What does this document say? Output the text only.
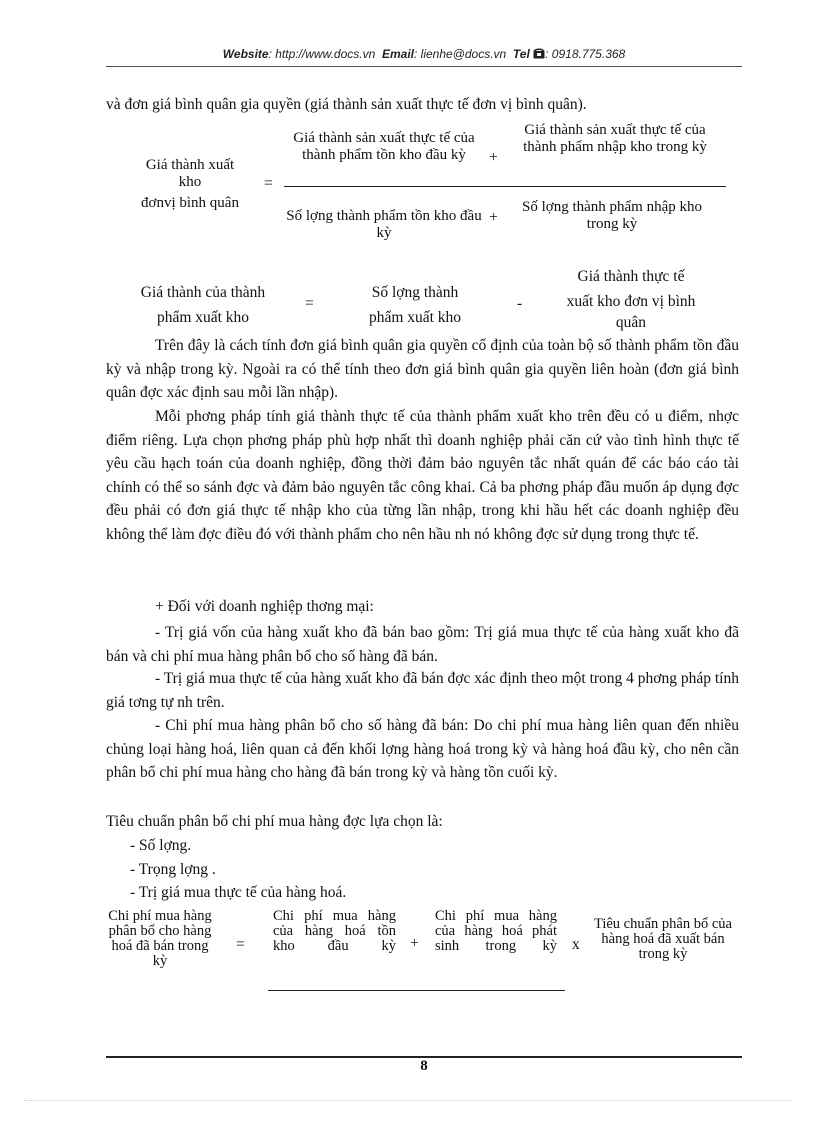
Website: http://www.docs.vn Email: lienhe@docs.vn Tel : 0918.775.368
và đơn giá bình quân gia quyền (giá thành sản xuất thực tế đơn vị bình quân).
Giá thành xuất
kho
đơnvị bình quân
=
Giá thành sản xuất thực tế của thành phẩm tồn kho đầu kỳ	+
Giá thành sản xuất thực tế của thành phẩm nhập kho trong kỳ
Số lợng thành phẩm tồn kho đầu kỳ
+
Số lợng thành phẩm nhập kho trong kỳ
Giá thành của thành
phẩm xuất kho
=
Số lợng thành
phẩm xuất kho
-
Giá thành thực tế
xuất kho đơn vị bình
quân
Trên đây là cách tính đơn giá bình quân gia quyền cố định của toàn bộ số thành phẩm tồn đầu kỳ và nhập trong kỳ. Ngoài ra có thể tính theo đơn giá bình quân gia quyền liên hoàn (đơn giá bình quân đợc xác định sau mỗi lần nhập).
Mỗi phơng pháp tính giá thành thực tế của thành phẩm xuất kho trên đều có u điểm, nhợc điểm riêng. Lựa chọn phơng pháp phù hợp nhất thì doanh nghiệp phải căn cứ vào tình hình thực tế yêu cầu hạch toán của doanh nghiệp, đồng thời đảm bảo nguyên tắc nhất quán để các báo cáo tài chính có thể so sánh đợc và đảm bảo nguyên tắc công khai. Cả ba phơng pháp đầu muốn áp dụng đợc đều phải có đơn giá thực tế nhập kho của từng lần nhập, trong khi hầu hết các doanh nghiệp đều không thể làm đợc điều đó với thành phẩm cho nên hầu nh nó không đợc sử dụng trong thực tế.
+ Đối với doanh nghiệp thơng mại:
- Trị giá vốn của hàng xuất kho đã bán bao gồm: Trị giá mua thực tế của hàng xuất kho đã bán và chi phí mua hàng phân bổ cho số hàng đã bán.
- Trị giá mua thực tế của hàng xuất kho đã bán đợc xác định theo một trong 4 phơng pháp tính giá tơng tự nh trên.
- Chi phí mua hàng phân bổ cho số hàng đã bán: Do chi phí mua hàng liên quan đến nhiều chủng loại hàng hoá, liên quan cả đến khối lợng hàng hoá trong kỳ và hàng hoá đầu kỳ, cho nên cần phân bổ chi phí mua hàng cho hàng đã bán trong kỳ và hàng tồn cuối kỳ.
Tiêu chuẩn phân bổ chi phí mua hàng đợc lựa chọn là:
- Số lợng.
- Trọng lợng .
- Trị giá mua thực tế của hàng hoá.
Chi phí mua hàng phân bổ cho hàng hoá đã bán trong kỳ
=
Chi phí mua hàng của hàng hoá tồn kho đầu kỳ +
Chi phí mua hàng của hàng hoá phát sinh trong kỳ x
Tiêu chuẩn phân bổ của hàng hoá đã xuất bán trong kỳ
8
